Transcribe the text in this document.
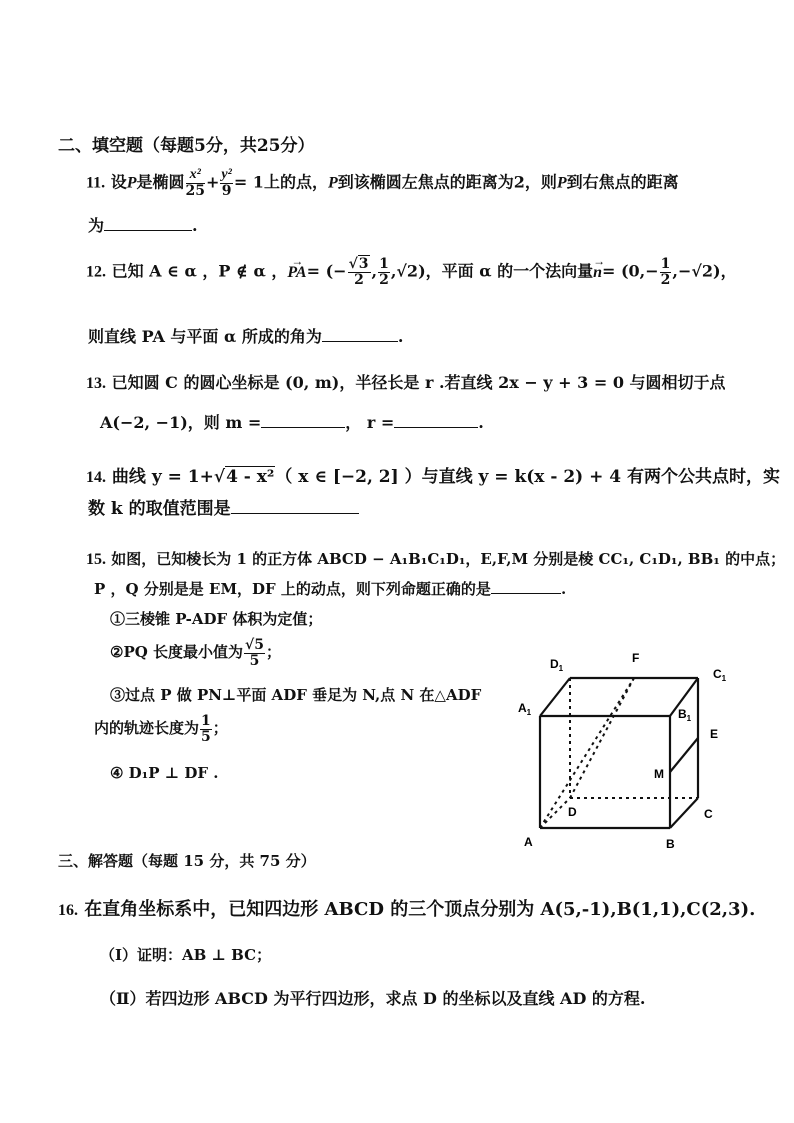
二、填空题（每题5分，共25分）
11. 设P是椭圆 $\frac{\text{x²}}{25} + \frac{\text{y²}}{9} = 1$上的点，P到该椭圆左焦点的距离为2，则P到右焦点的距离
为	.
12. 已知 A ∈ α ，P ∉ α ，
→
PA= (− $\frac{√3}{2}$ , $\frac{1}{2} ,√2$)，平面 α 的一个法向量
→
$n= (0,- \frac{1}{2} ,-√2)$，
则直线 PA 与平面 α 所成的角为	.
13. 已知圆 C 的圆心坐标是 (0, m)，半径长是 r .若直线 2x − y + 3 = 0 与圆相切于点
A(−2, −1)，则 m =	， r =	.
14. 曲线 y = 1+√4 - x²（ x ∈ [−2, 2] ）与直线 y = k(x - 2) + 4 有两个公共点时，实
数 k 的取值范围是
15. 如图，已知棱长为 1 的正方体 ABCD − A₁B₁C₁D₁，E,F,M 分别是棱 CC₁, C₁D₁, BB₁ 的中点；
P ，Q 分别是是 EM，DF 上的动点，则下列命题正确的是	.
①三棱锥 P-ADF 体积为定值；
②PQ 长度最小值为 $\frac{√5}{5}$ ；
③过点 P 做 PN⊥平面 ADF 垂足为 N,点 N 在△ADF
内的轨迹长度为 $\frac{1}{5}$ ；
④ D₁P ⊥ DF .
$D_1$
F
$C_1$
$A_1$	$B_1$
E
M
D	C
A	B
三、解答题（每题 15 分，共 75 分）
16. 在直角坐标系中，已知四边形 ABCD 的三个顶点分别为 A(5,-1),B(1,1),C(2,3).
（Ⅰ）证明：AB ⊥ BC；
（Ⅱ）若四边形 ABCD 为平行四边形，求点 D 的坐标以及直线 AD 的方程.
